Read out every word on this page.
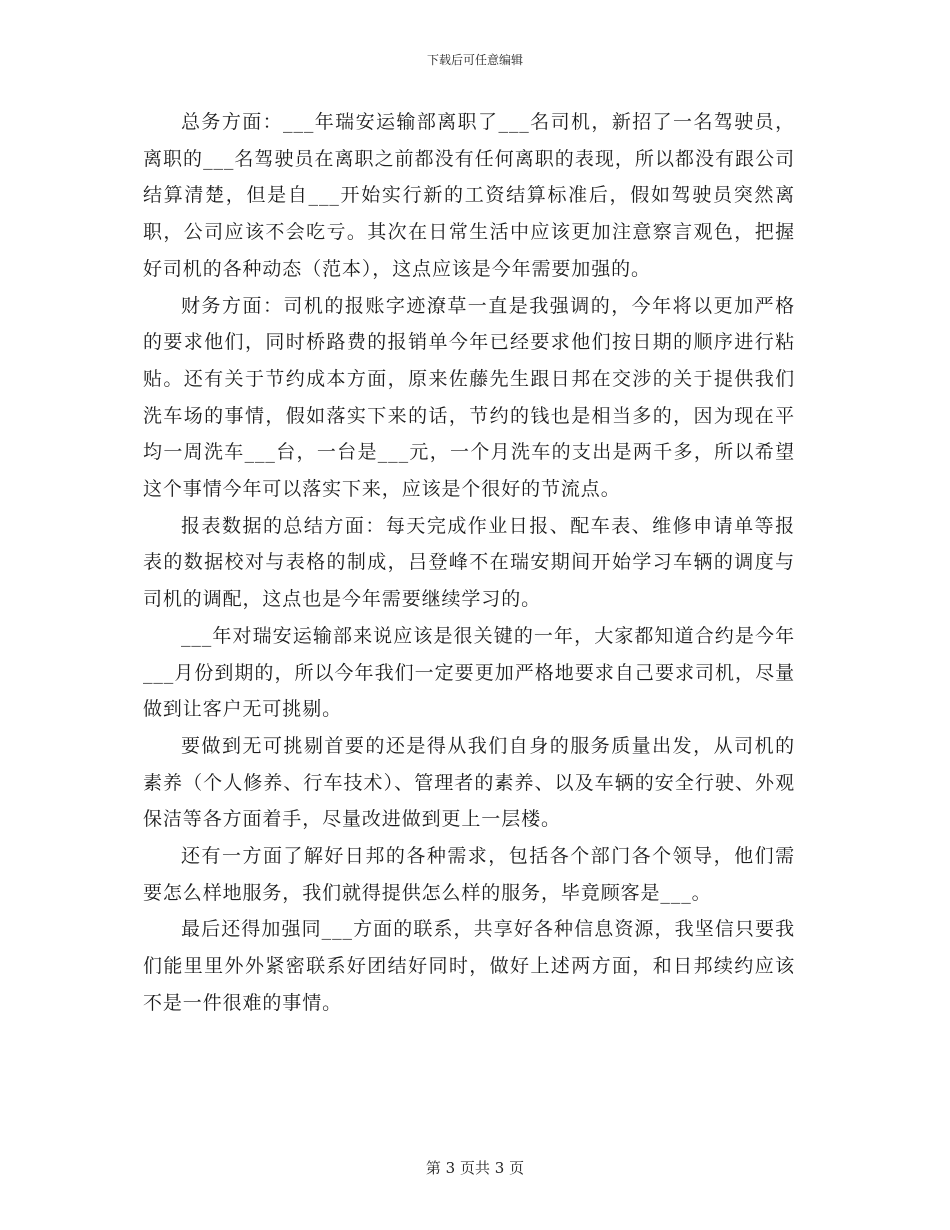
下载后可任意编辑

总务方面：___年瑞安运输部离职了___名司机，新招了一名驾驶员，离职的___名驾驶员在离职之前都没有任何离职的表现，所以都没有跟公司结算清楚，但是自___开始实行新的工资结算标准后，假如驾驶员突然离职，公司应该不会吃亏。其次在日常生活中应该更加注意察言观色，把握好司机的各种动态（范本），这点应该是今年需要加强的。

财务方面：司机的报账字迹潦草一直是我强调的，今年将以更加严格的要求他们，同时桥路费的报销单今年已经要求他们按日期的顺序进行粘贴。还有关于节约成本方面，原来佐藤先生跟日邦在交涉的关于提供我们洗车场的事情，假如落实下来的话，节约的钱也是相当多的，因为现在平均一周洗车___台，一台是___元，一个月洗车的支出是两千多，所以希望这个事情今年可以落实下来，应该是个很好的节流点。

报表数据的总结方面：每天完成作业日报、配车表、维修申请单等报表的数据校对与表格的制成，吕登峰不在瑞安期间开始学习车辆的调度与司机的调配，这点也是今年需要继续学习的。

___年对瑞安运输部来说应该是很关键的一年，大家都知道合约是今年___月份到期的，所以今年我们一定要更加严格地要求自己要求司机，尽量做到让客户无可挑剔。

要做到无可挑剔首要的还是得从我们自身的服务质量出发，从司机的素养（个人修养、行车技术）、管理者的素养、以及车辆的安全行驶、外观保洁等各方面着手，尽量改进做到更上一层楼。

还有一方面了解好日邦的各种需求，包括各个部门各个领导，他们需要怎么样地服务，我们就得提供怎么样的服务，毕竟顾客是___。

最后还得加强同___方面的联系，共享好各种信息资源，我坚信只要我们能里里外外紧密联系好团结好同时，做好上述两方面，和日邦续约应该不是一件很难的事情。

第 3 页共 3 页
